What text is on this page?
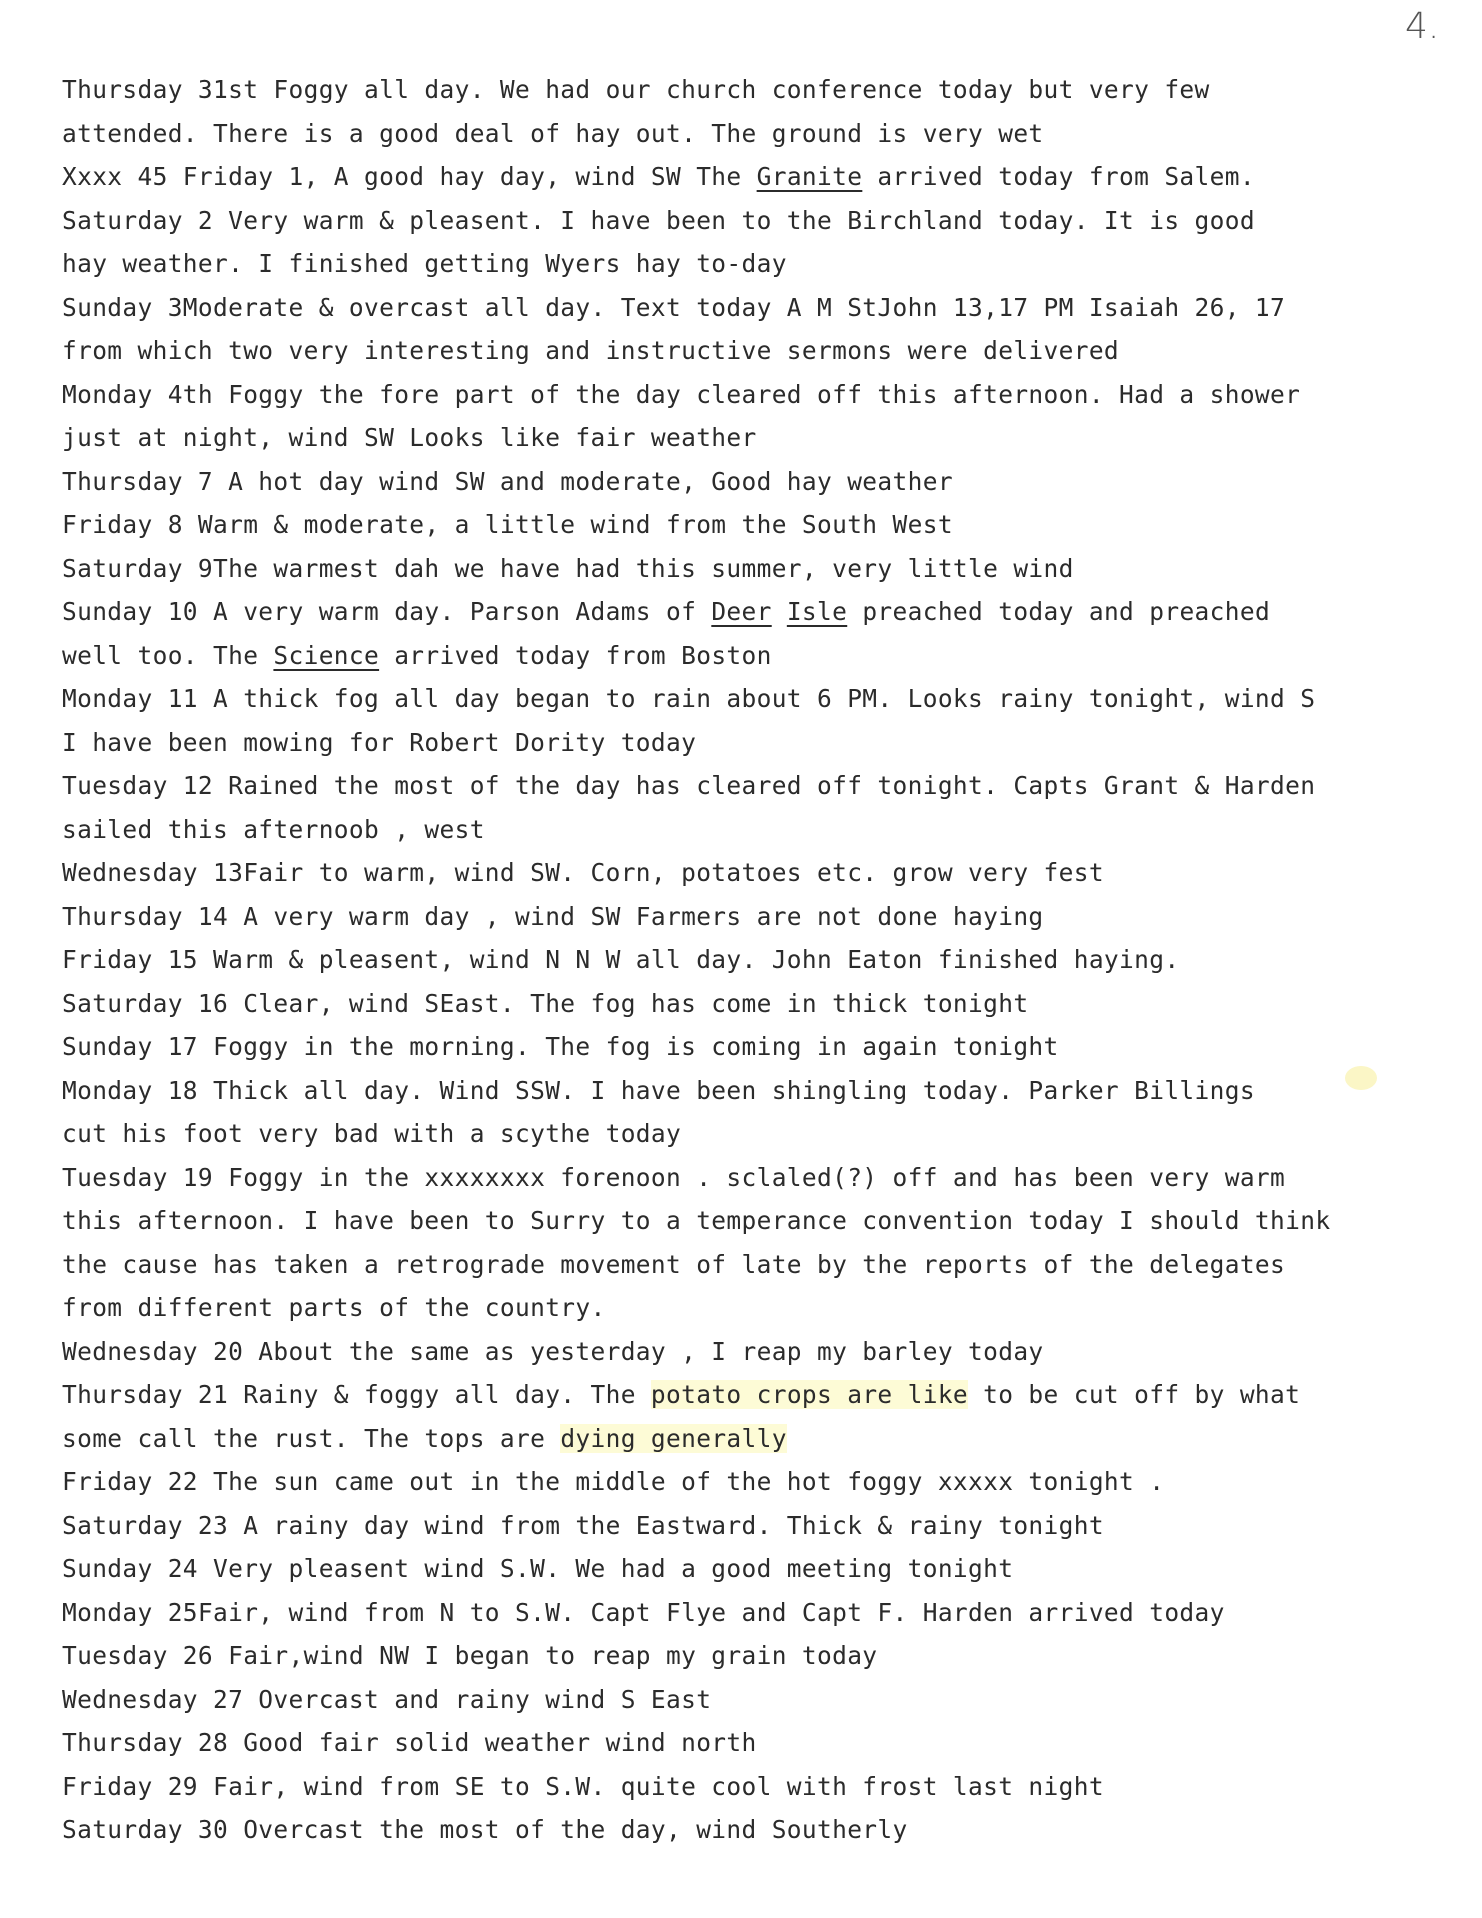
4.
Thursday 31st Foggy all day. We had our church conference today but very few
attended. There is a good deal of hay out. The ground is very wet
Xxxx 45 Friday 1, A good hay day, wind SW The Granite arrived today from Salem.
Saturday 2 Very warm & pleasent. I have been to the Birchland today. It is good
hay weather. I finished getting Wyers hay to-day
Sunday 3Moderate & overcast all day. Text today A M StJohn 13,17 PM Isaiah 26, 17
from which two very interesting and instructive sermons were delivered
Monday 4th Foggy the fore part of the day cleared off this afternoon. Had a shower
just at night, wind SW Looks like fair weather
Thursday 7 A hot day wind SW and moderate, Good hay weather
Friday 8 Warm & moderate, a little wind from the South West
Saturday 9The warmest dah we have had this summer, very little wind
Sunday 10 A very warm day. Parson Adams of Deer Isle preached today and preached
well too. The Science arrived today from Boston
Monday 11 A thick fog all day began to rain about 6 PM. Looks rainy tonight, wind S
I have been mowing for Robert Dority today
Tuesday 12 Rained the most of the day has cleared off tonight. Capts Grant & Harden
sailed this afternoob , west
Wednesday 13Fair to warm, wind SW. Corn, potatoes etc. grow very fest
Thursday 14 A very warm day , wind SW Farmers are not done haying
Friday 15 Warm & pleasent, wind N N W all day. John Eaton finished haying.
Saturday 16 Clear, wind SEast. The fog has come in thick tonight
Sunday 17 Foggy in the morning. The fog is coming in again tonight
Monday 18 Thick all day. Wind SSW. I have been shingling today. Parker Billings
cut his foot very bad with a scythe today
Tuesday 19 Foggy in the xxxxxxxx forenoon . sclaled(?) off and has been very warm
this afternoon. I have been to Surry to a temperance convention today I should think
the cause has taken a retrograde movement of late by the reports of the delegates
from different parts of the country.
Wednesday 20 About the same as yesterday , I reap my barley today
Thursday 21 Rainy & foggy all day. The potato crops are like to be cut off by what
some call the rust. The tops are dying generally
Friday 22 The sun came out in the middle of the hot foggy xxxxx tonight .
Saturday 23 A rainy day wind from the Eastward. Thick & rainy tonight
Sunday 24 Very pleasent wind S.W. We had a good meeting tonight
Monday 25Fair, wind from N to S.W. Capt Flye and Capt F. Harden arrived today
Tuesday 26 Fair,wind NW I began to reap my grain today
Wednesday 27 Overcast and rainy wind S East
Thursday 28 Good fair solid weather wind north
Friday 29 Fair, wind from SE to S.W. quite cool with frost last night
Saturday 30 Overcast the most of the day, wind Southerly
